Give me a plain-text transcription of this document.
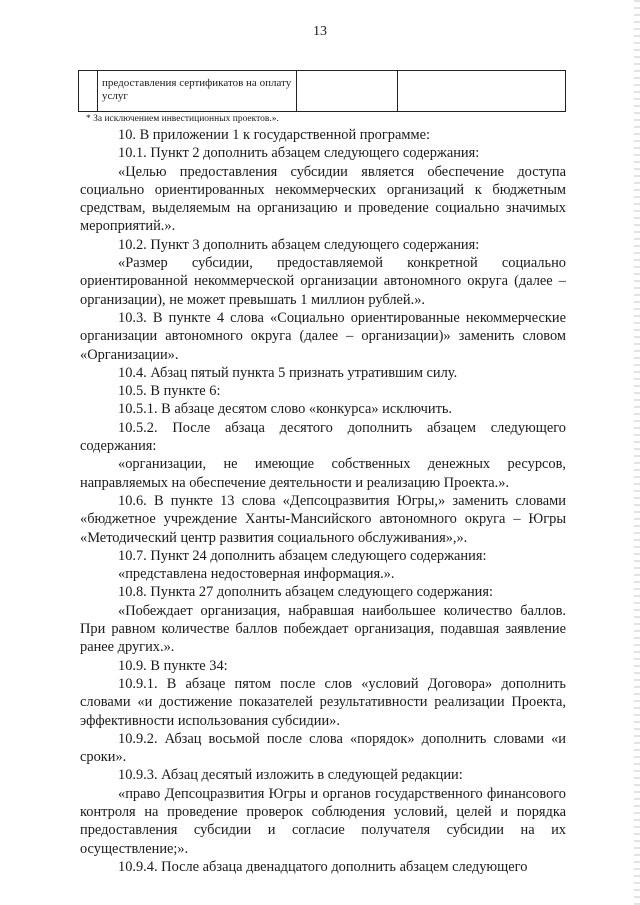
13
	предоставления сертификатов на оплату услуг		
* За исключением инвестиционных проектов.».

10. В приложении 1 к государственной программе:

10.1. Пункт 2 дополнить абзацем следующего содержания:

«Целью предоставления субсидии является обеспечение доступа социально ориентированных некоммерческих организаций к бюджетным средствам, выделяемым на организацию и проведение социально значимых мероприятий.».

10.2. Пункт 3 дополнить абзацем следующего содержания:

«Размер субсидии, предоставляемой конкретной социально ориентированной некоммерческой организации автономного округа (далее – организации), не может превышать 1 миллион рублей.».

10.3. В пункте 4 слова «Социально ориентированные некоммерческие организации автономного округа (далее – организации)» заменить словом «Организации».

10.4. Абзац пятый пункта 5 признать утратившим силу.

10.5. В пункте 6:

10.5.1. В абзаце десятом слово «конкурса» исключить.

10.5.2. После абзаца десятого дополнить абзацем следующего содержания:

«организации, не имеющие собственных денежных ресурсов, направляемых на обеспечение деятельности и реализацию Проекта.».

10.6. В пункте 13 слова «Депсоцразвития Югры,» заменить словами «бюджетное учреждение Ханты-Мансийского автономного округа – Югры «Методический центр развития социального обслуживания»,».

10.7. Пункт 24 дополнить абзацем следующего содержания:

«представлена недостоверная информация.».

10.8. Пункта 27 дополнить абзацем следующего содержания:

«Побеждает организация, набравшая наибольшее количество баллов. При равном количестве баллов побеждает организация, подавшая заявление ранее других.».

10.9. В пункте 34:

10.9.1. В абзаце пятом после слов «условий Договора» дополнить словами «и достижение показателей результативности реализации Проекта, эффективности использования субсидии».

10.9.2. Абзац восьмой после слова «порядок» дополнить словами «и сроки».

10.9.3. Абзац десятый изложить в следующей редакции:

«право Депсоцразвития Югры и органов государственного финансового контроля на проведение проверок соблюдения условий, целей и порядка предоставления субсидии и согласие получателя субсидии на их осуществление;».

10.9.4. После абзаца двенадцатого дополнить абзацем следующего
